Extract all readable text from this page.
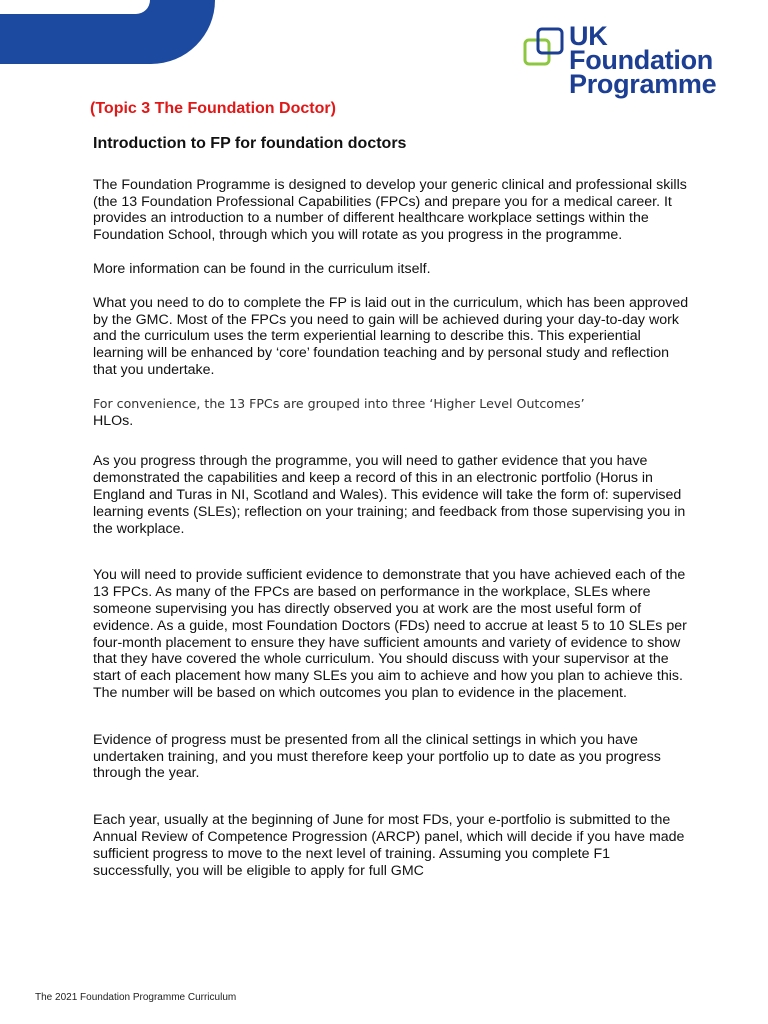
UK
Foundation
Programme
(Topic 3 The Foundation Doctor)
Introduction to FP for foundation doctors

The Foundation Programme is designed to develop your generic clinical and professional skills (the 13 Foundation Professional Capabilities (FPCs) and prepare you for a medical career. It provides an introduction to a number of different healthcare workplace settings within the Foundation School, through which you will rotate as you progress in the programme.

More information can be found in the curriculum itself.

What you need to do to complete the FP is laid out in the curriculum, which has been approved by the GMC. Most of the FPCs you need to gain will be achieved during your day-to-day work and the curriculum uses the term experiential learning to describe this. This experiential learning will be enhanced by ‘core’ foundation teaching and by personal study and reflection that you undertake.

For convenience, the 13 FPCs are grouped into three ‘Higher Level Outcomes’

HLOs.

As you progress through the programme, you will need to gather evidence that you have demonstrated the capabilities and keep a record of this in an electronic portfolio (Horus in England and Turas in NI, Scotland and Wales). This evidence will take the form of: supervised learning events (SLEs); reflection on your training; and feedback from those supervising you in the workplace.

You will need to provide sufficient evidence to demonstrate that you have achieved each of the 13 FPCs. As many of the FPCs are based on performance in the workplace, SLEs where someone supervising you has directly observed you at work are the most useful form of evidence. As a guide, most Foundation Doctors (FDs) need to accrue at least 5 to 10 SLEs per four-month placement to ensure they have sufficient amounts and variety of evidence to show that they have covered the whole curriculum. You should discuss with your supervisor at the start of each placement how many SLEs you aim to achieve and how you plan to achieve this. The number will be based on which outcomes you plan to evidence in the placement.

Evidence of progress must be presented from all the clinical settings in which you have undertaken training, and you must therefore keep your portfolio up to date as you progress through the year.

Each year, usually at the beginning of June for most FDs, your e-portfolio is submitted to the Annual Review of Competence Progression (ARCP) panel, which will decide if you have made sufficient progress to move to the next level of training. Assuming you complete F1 successfully, you will be eligible to apply for full GMC

The 2021 Foundation Programme Curriculum
